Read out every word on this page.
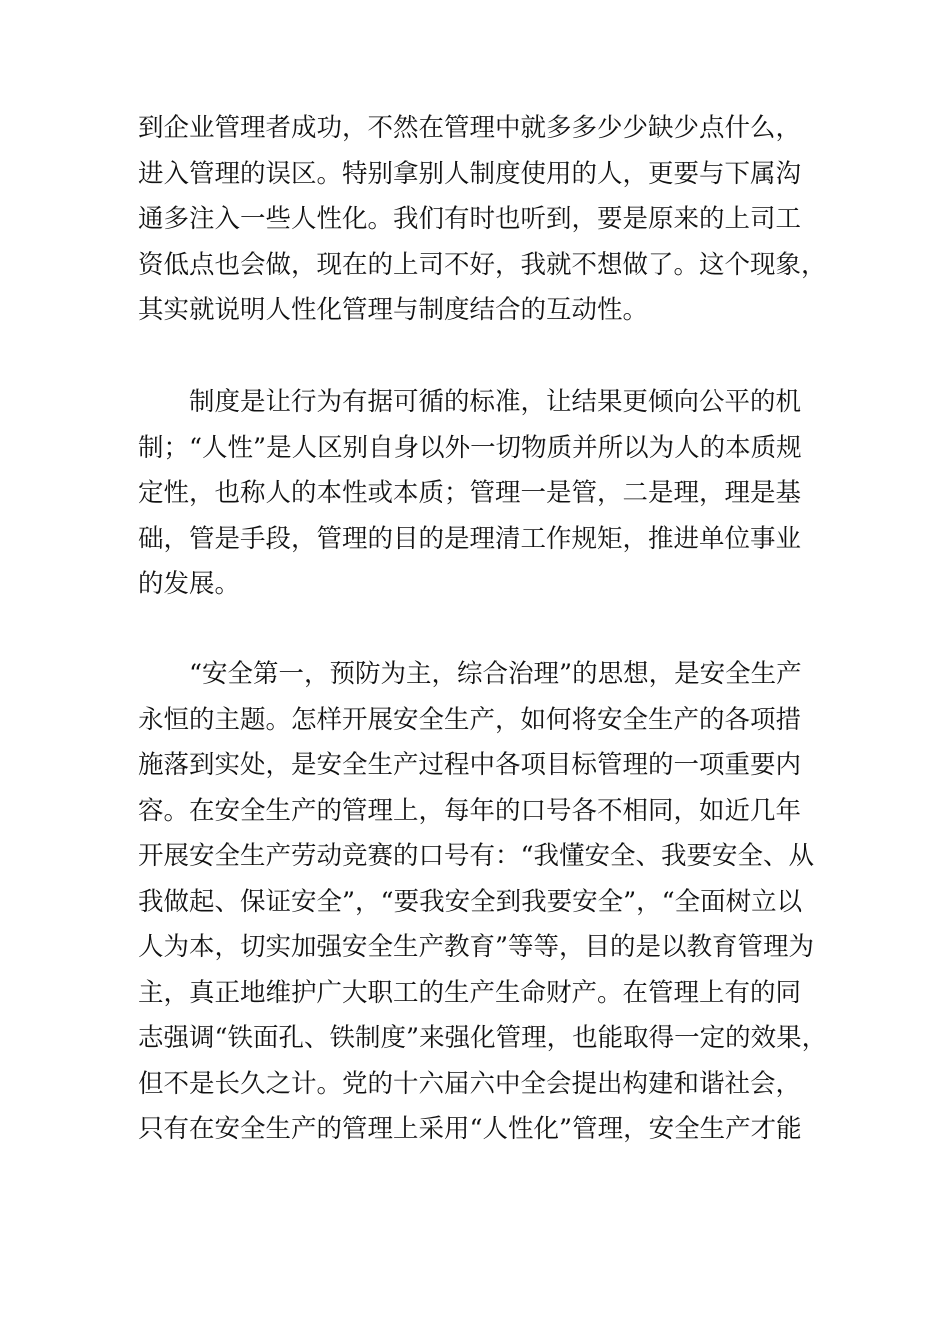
到企业管理者成功，不然在管理中就多多少少缺少点什么，
进入管理的误区。特别拿别人制度使用的人，更要与下属沟
通多注入一些人性化。我们有时也听到，要是原来的上司工
资低点也会做，现在的上司不好，我就不想做了。这个现象，
其实就说明人性化管理与制度结合的互动性。

　　制度是让行为有据可循的标准，让结果更倾向公平的机
制；“人性”是人区别自身以外一切物质并所以为人的本质规
定性，也称人的本性或本质；管理一是管，二是理，理是基
础，管是手段，管理的目的是理清工作规矩，推进单位事业
的发展。

　　“安全第一，预防为主，综合治理”的思想，是安全生产
永恒的主题。怎样开展安全生产，如何将安全生产的各项措
施落到实处，是安全生产过程中各项目标管理的一项重要内
容。在安全生产的管理上，每年的口号各不相同，如近几年
开展安全生产劳动竞赛的口号有：“我懂安全、我要安全、从
我做起、保证安全”，“要我安全到我要安全”，“全面树立以
人为本，切实加强安全生产教育”等等，目的是以教育管理为
主，真正地维护广大职工的生产生命财产。在管理上有的同
志强调“铁面孔、铁制度”来强化管理，也能取得一定的效果，
但不是长久之计。党的十六届六中全会提出构建和谐社会，
只有在安全生产的管理上采用“人性化”管理，安全生产才能
